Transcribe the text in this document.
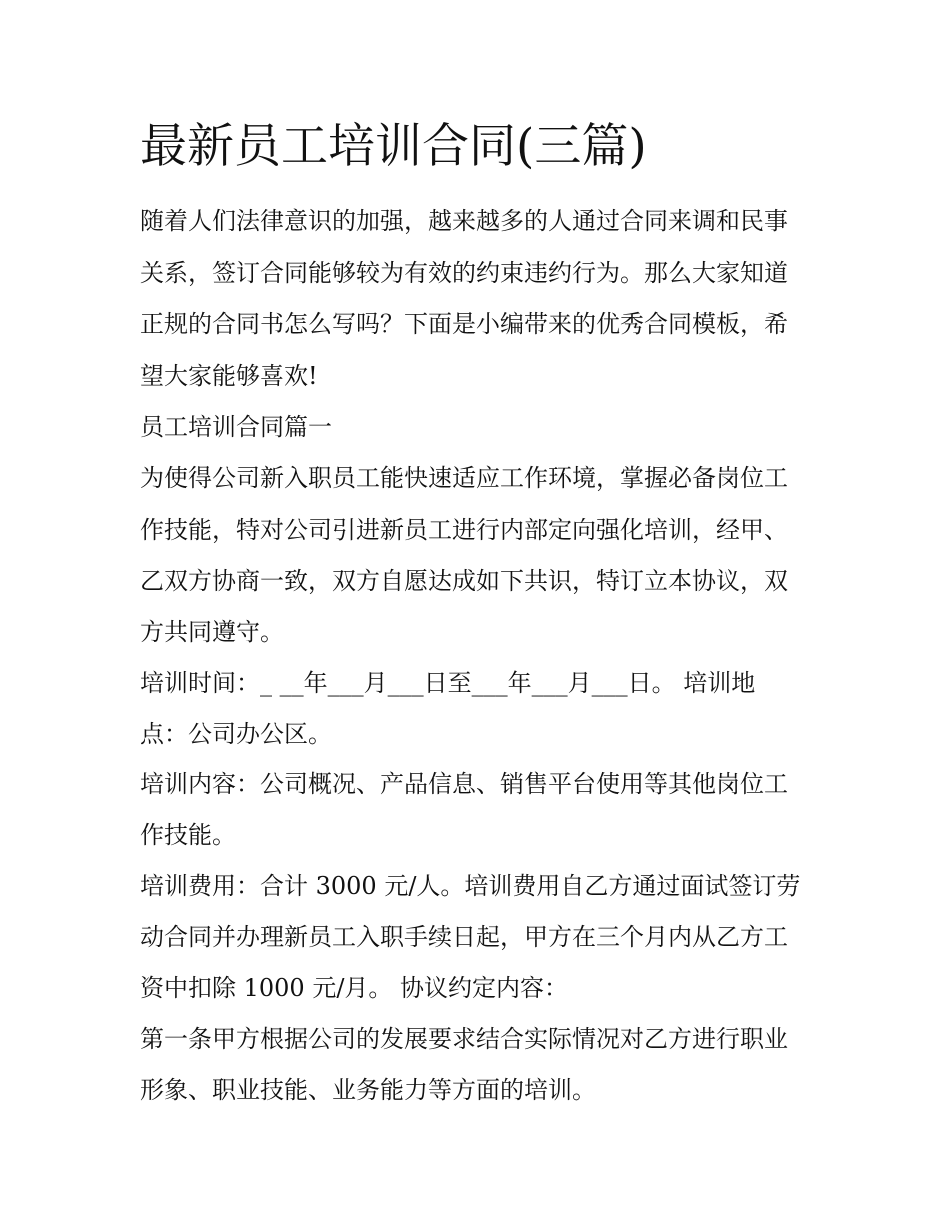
最新员工培训合同(三篇)
随着人们法律意识的加强，越来越多的人通过合同来调和民事
关系，签订合同能够较为有效的约束违约行为。那么大家知道
正规的合同书怎么写吗？下面是小编带来的优秀合同模板，希
望大家能够喜欢!
员工培训合同篇一
为使得公司新入职员工能快速适应工作环境，掌握必备岗位工
作技能，特对公司引进新员工进行内部定向强化培训，经甲、
乙双方协商一致，双方自愿达成如下共识，特订立本协议，双
方共同遵守。
培训时间：_ __年___月___日至___年___月___日。 培训地
点：公司办公区。
培训内容：公司概况、产品信息、销售平台使用等其他岗位工
作技能。
培训费用：合计 3000 元/人。培训费用自乙方通过面试签订劳
动合同并办理新员工入职手续日起，甲方在三个月内从乙方工
资中扣除 1000 元/月。 协议约定内容：
第一条甲方根据公司的发展要求结合实际情况对乙方进行职业
形象、职业技能、业务能力等方面的培训。
